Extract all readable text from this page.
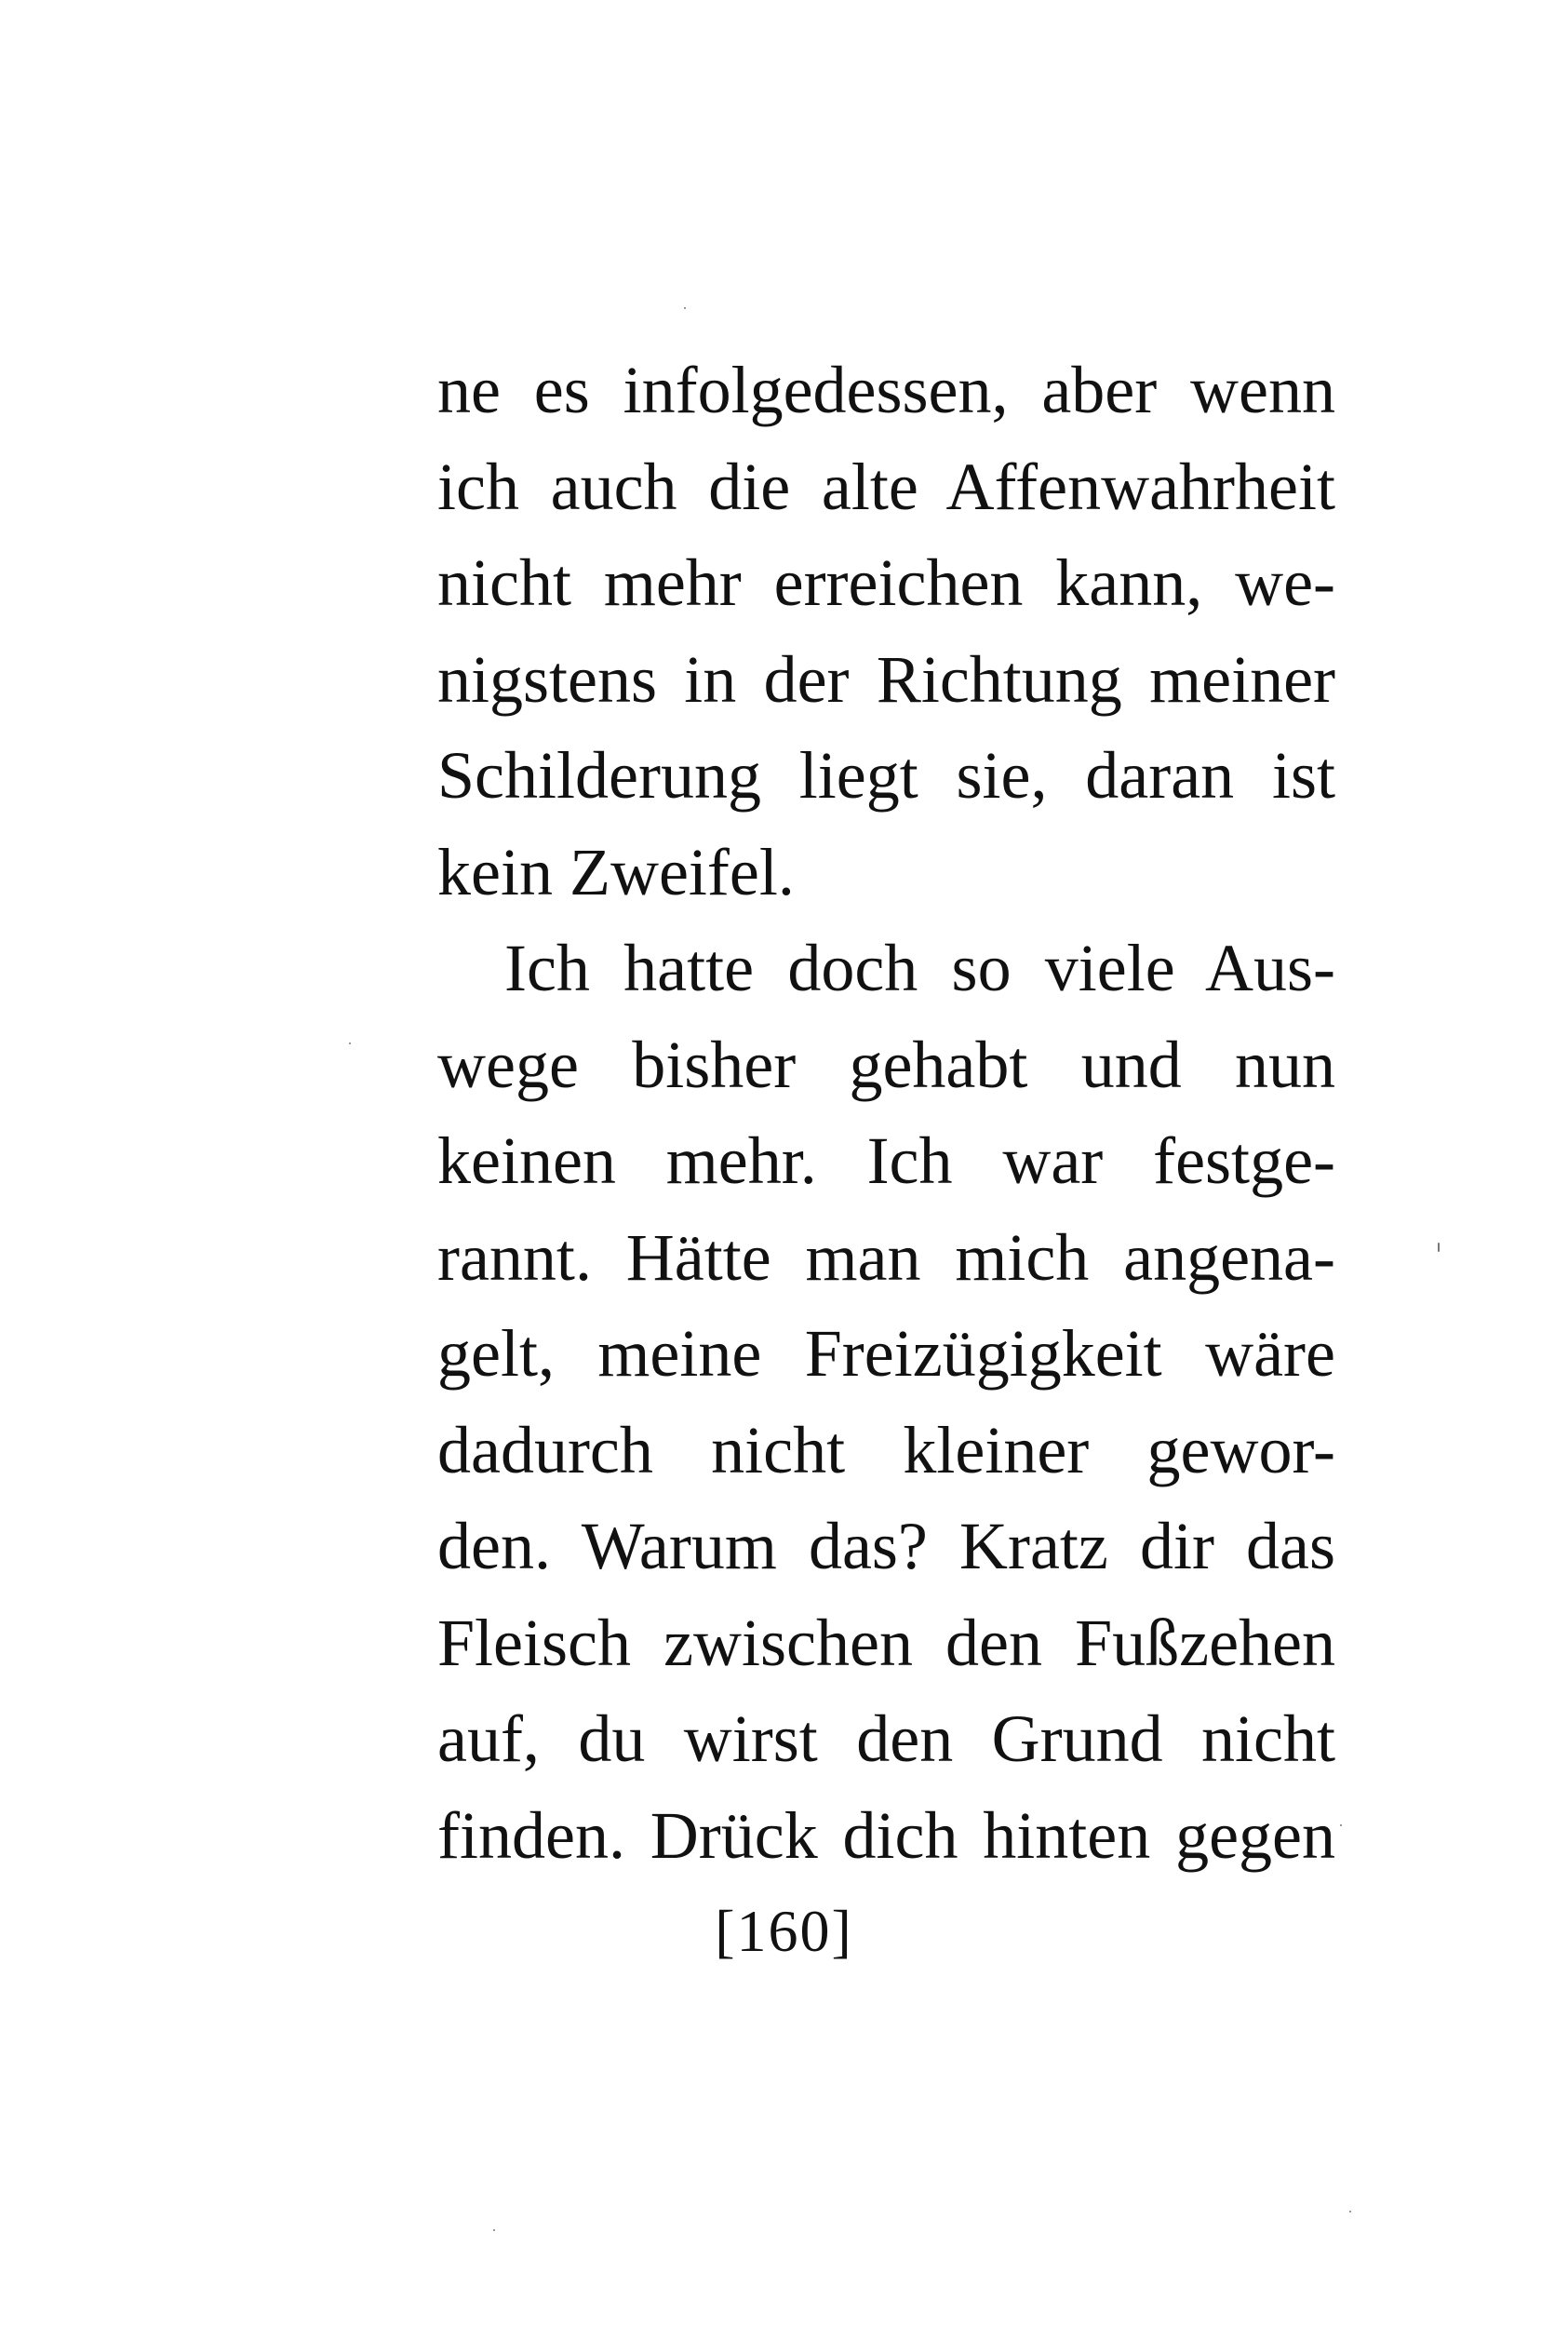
ne es infolgedessen, aber wenn
ich auch die alte Affenwahrheit
nicht mehr erreichen kann, we-
nigstens in der Richtung meiner
Schilderung liegt sie, daran ist
kein Zweifel.
Ich hatte doch so viele Aus-
wege bisher gehabt und nun
keinen mehr. Ich war festge-
rannt. Hätte man mich angena-
gelt, meine Freizügigkeit wäre
dadurch nicht kleiner gewor-
den. Warum das? Kratz dir das
Fleisch zwischen den Fußzehen
auf, du wirst den Grund nicht
finden. Drück dich hinten gegen
[160]
